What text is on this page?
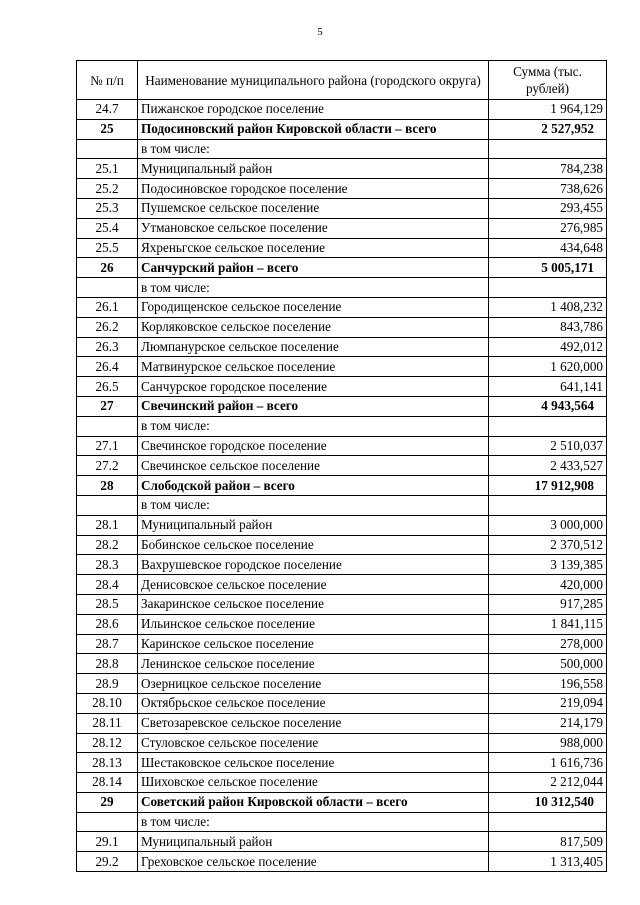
5
№ п/п	Наименование муниципального района (городского округа)	Сумма (тыс. рублей)
24.7	Пижанское городское поселение	1 964,129
25	Подосиновский район Кировской области – всего	2 527,952
	в том числе:	
25.1	Муниципальный район	784,238
25.2	Подосиновское городское поселение	738,626
25.3	Пушемское сельское поселение	293,455
25.4	Утмановское сельское поселение	276,985
25.5	Яхреньгское сельское поселение	434,648
26	Санчурский район – всего	5 005,171
	в том числе:	
26.1	Городищенское сельское поселение	1 408,232
26.2	Корляковское сельское поселение	843,786
26.3	Люмпанурское сельское поселение	492,012
26.4	Матвинурское сельское поселение	1 620,000
26.5	Санчурское городское поселение	641,141
27	Свечинский район – всего	4 943,564
	в том числе:	
27.1	Свечинское городское поселение	2 510,037
27.2	Свечинское сельское поселение	2 433,527
28	Слободской район – всего	17 912,908
	в том числе:	
28.1	Муниципальный район	3 000,000
28.2	Бобинское сельское поселение	2 370,512
28.3	Вахрушевское городское поселение	3 139,385
28.4	Денисовское сельское поселение	420,000
28.5	Закаринское сельское поселение	917,285
28.6	Ильинское сельское поселение	1 841,115
28.7	Каринское сельское поселение	278,000
28.8	Ленинское сельское поселение	500,000
28.9	Озерницкое сельское поселение	196,558
28.10	Октябрьское сельское поселение	219,094
28.11	Светозаревское сельское поселение	214,179
28.12	Стуловское сельское поселение	988,000
28.13	Шестаковское сельское поселение	1 616,736
28.14	Шиховское сельское поселение	2 212,044
29	Советский район Кировской области – всего	10 312,540
	в том числе:	
29.1	Муниципальный район	817,509
29.2	Греховское сельское поселение	1 313,405
